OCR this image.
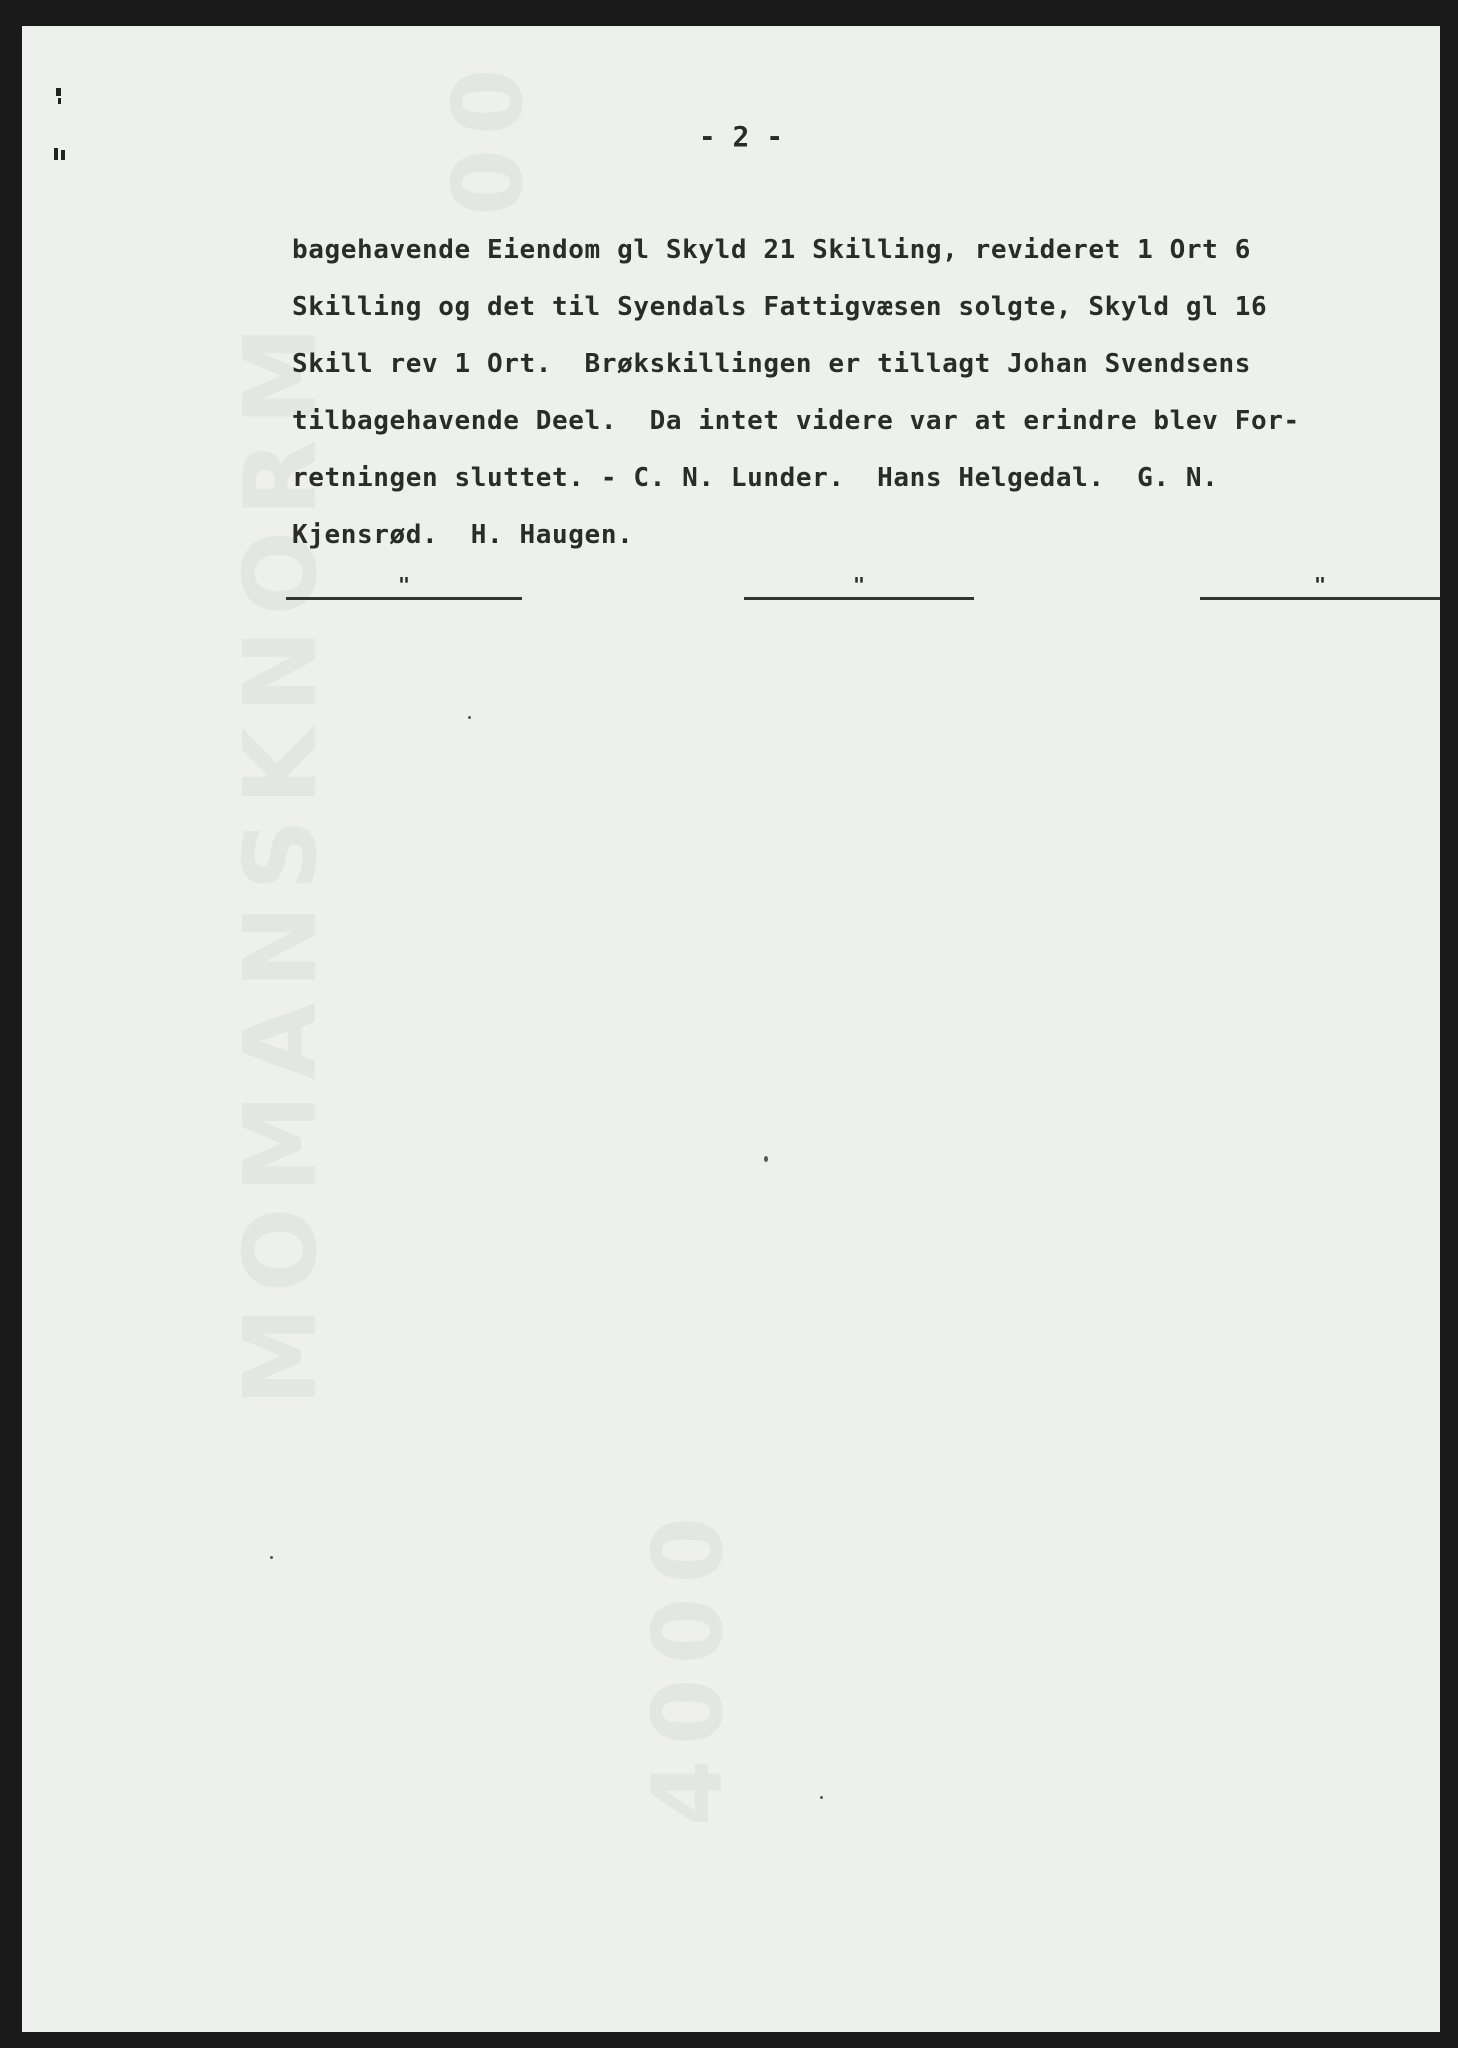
MOMANSKNORM
4000
00	- 2 -
bagehavende Eiendom gl Skyld 21 Skilling, revideret 1 Ort 6
Skilling og det til Syendals Fattigvæsen solgte, Skyld gl 16
Skill rev 1 Ort.  Brøkskillingen er tillagt Johan Svendsens
tilbagehavende Deel.  Da intet videre var at erindre blev For-
retningen sluttet. - C. N. Lunder.  Hans Helgedal.  G. N.
Kjensrød.  H. Haugen.
"	"	"
